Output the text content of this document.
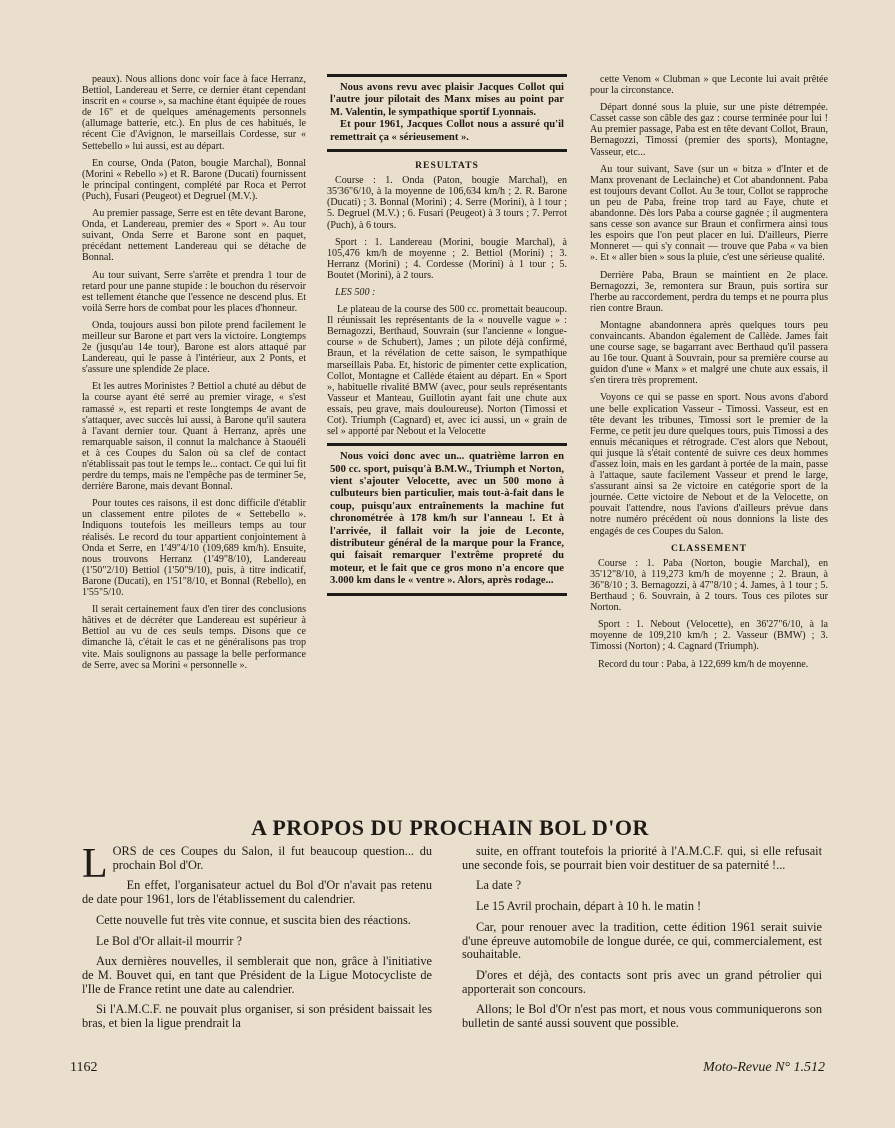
peaux). Nous allions donc voir face à face Herranz, Bettiol, Landereau et Serre, ce dernier étant cependant inscrit en « course », sa machine étant équipée de roues de 16" et de quelques aménagements personnels (allumage batterie, etc.). En plus de ces habitués, le récent Cie d'Avignon, le marseillais Cordesse, sur « Settebello » lui aussi, est au départ.

En course, Onda (Paton, bougie Marchal), Bonnal (Morini « Rebello ») et R. Barone (Ducati) fournissent le principal contingent, complété par Roca et Perrot (Puch), Fusari (Peugeot) et Degruel (M.V.).

Au premier passage, Serre est en tête devant Barone, Onda, et Landereau, premier des « Sport ». Au tour suivant, Onda Serre et Barone sont en paquet, précédant nettement Landereau qui se détache de Bonnal.

Au tour suivant, Serre s'arrête et prendra 1 tour de retard pour une panne stupide : le bouchon du réservoir est tellement étanche que l'essence ne descend plus. Et voilà Serre hors de combat pour les places d'honneur.

Onda, toujours aussi bon pilote prend facilement le meilleur sur Barone et part vers la victoire. Longtemps 2e (jusqu'au 14e tour), Barone est alors attaqué par Landereau, qui le passe à l'intérieur, aux 2 Ponts, et s'assure une splendide 2e place.

Et les autres Morinistes ? Bettiol a chuté au début de la course ayant été serré au premier virage, « s'est ramassé », est reparti et reste longtemps 4e avant de s'attaquer, avec succès lui aussi, à Barone qu'il sautera à l'avant dernier tour. Quant à Herranz, après une remarquable saison, il connut la malchance à Staouéli et à ces Coupes du Salon où sa clef de contact n'établissait pas tout le temps le... contact. Ce qui lui fit perdre du temps, mais ne l'empêche pas de terminer 5e, derrière Barone, mais devant Bonnal.

Pour toutes ces raisons, il est donc difficile d'établir un classement entre pilotes de « Settebello ». Indiquons toutefois les meilleurs temps au tour réalisés. Le record du tour appartient conjointement à Onda et Serre, en 1'49"4/10 (109,689 km/h). Ensuite, nous trouvons Herranz (1'49"8/10), Landereau (1'50"2/10) Bettiol (1'50"9/10), puis, à titre indicatif, Barone (Ducati), en 1'51"8/10, et Bonnal (Rebello), en 1'55"5/10.

Il serait certainement faux d'en tirer des conclusions hâtives et de décréter que Landereau est supérieur à Bettiol au vu de ces seuls temps. Disons que ce dimanche là, c'était le cas et ne généralisons pas trop vite. Mais soulignons au passage la belle performance de Serre, avec sa Morini « personnelle ».

Nous avons revu avec plaisir Jacques Collot qui l'autre jour pilotait des Manx mises au point par M. Valentin, le sympathique sportif Lyonnais.

Et pour 1961, Jacques Collot nous a assuré qu'il remettrait ça « sérieusement ».

RESULTATS

Course : 1. Onda (Paton, bougie Marchal), en 35'36"6/10, à la moyenne de 106,634 km/h ; 2. R. Barone (Ducati) ; 3. Bonnal (Morini) ; 4. Serre (Morini), à 1 tour ; 5. Degruel (M.V.) ; 6. Fusari (Peugeot) à 3 tours ; 7. Perrot (Puch), à 6 tours.

Sport : 1. Landereau (Morini, bougie Marchal), à 105,476 km/h de moyenne ; 2. Bettiol (Morini) ; 3. Herranz (Morini) ; 4. Cordesse (Morini) à 1 tour ; 5. Boutet (Morini), à 2 tours.

LES 500 :

Le plateau de la course des 500 cc. promettait beaucoup. Il réunissait les représentants de la « nouvelle vague » : Bernagozzi, Berthaud, Souvrain (sur l'ancienne « longue-course » de Schubert), James ; un pilote déjà confirmé, Braun, et la révélation de cette saison, le sympathique marseillais Paba. Et, historic de pimenter cette explication, Collot, Montagne et Callède étaient au départ. En « Sport », habituelle rivalité BMW (avec, pour seuls représentants Vasseur et Manteau, Guillotin ayant fait une chute aux essais, peu grave, mais douloureuse). Norton (Timossi et Cot). Triumph (Cagnard) et, avec ici aussi, un « grain de sel » apporté par Nebout et la Velocette

Nous voici donc avec un... quatrième larron en 500 cc. sport, puisqu'à B.M.W., Triumph et Norton, vient s'ajouter Velocette, avec un 500 mono à culbuteurs bien particulier, mais tout-à-fait dans le coup, puisqu'aux entraînements la machine fut chronométrée à 178 km/h sur l'anneau !. Et à l'arrivée, il fallait voir la joie de Leconte, distributeur général de la marque pour la France, qui faisait remarquer l'extrême propreté du moteur, et le fait que ce gros mono n'a encore que 3.000 km dans le « ventre ». Alors, après rodage...

cette Venom « Clubman » que Leconte lui avait prêtée pour la circonstance.

Départ donné sous la pluie, sur une piste détrempée. Casset casse son câble des gaz : course terminée pour lui ! Au premier passage, Paba est en tête devant Collot, Braun, Bernagozzi, Timossi (premier des sports), Montagne, Vasseur, etc...

Au tour suivant, Save (sur un « bitza » d'Inter et de Manx provenant de Leclainche) et Cot abandonnent. Paba est toujours devant Collot. Au 3e tour, Collot se rapproche un peu de Paba, freine trop tard au Faye, chute et abandonne. Dès lors Paba a course gagnée ; il augmentera sans cesse son avance sur Braun et confirmera ainsi tous les espoirs que l'on peut placer en lui. D'ailleurs, Pierre Monneret — qui s'y connait — trouve que Paba « va bien ». Et « aller bien » sous la pluie, c'est une sérieuse qualité.

Derrière Paba, Braun se maintient en 2e place. Bernagozzi, 3e, remontera sur Braun, puis sortira sur l'herbe au raccordement, perdra du temps et ne pourra plus rien contre Braun.

Montagne abandonnera après quelques tours peu convaincants. Abandon également de Callède. James fait une course sage, se bagarrant avec Berthaud qu'il passera au 16e tour. Quant à Souvrain, pour sa première course au guidon d'une « Manx » et malgré une chute aux essais, il s'en tirera très proprement.

Voyons ce qui se passe en sport. Nous avons d'abord une belle explication Vasseur - Timossi. Vasseur, est en tête devant les tribunes, Timossi sort le premier de la Ferme, ce petit jeu dure quelques tours, puis Timossi a des ennuis mécaniques et rétrograde. C'est alors que Nebout, qui jusque là s'était contenté de suivre ces deux hommes d'assez loin, mais en les gardant à portée de la main, passe à l'attaque, saute facilement Vasseur et prend le large, s'assurant ainsi sa 2e victoire en catégorie sport de la journée. Cette victoire de Nebout et de la Velocette, on pouvait l'attendre, nous l'avions d'ailleurs prévue dans notre numéro précédent où nous donnions la liste des engagés de ces Coupes du Salon.

CLASSEMENT

Course : 1. Paba (Norton, bougie Marchal), en 35'12"8/10, à 119,273 km/h de moyenne ; 2. Braun, à 36"8/10 ; 3. Bernagozzi, à 47"8/10 ; 4. James, à 1 tour ; 5. Berthaud ; 6. Souvrain, à 2 tours. Tous ces pilotes sur Norton.

Sport : 1. Nebout (Velocette), en 36'27"6/10, à la moyenne de 109,210 km/h ; 2. Vasseur (BMW) ; 3. Timossi (Norton) ; 4. Cagnard (Triumph).

Record du tour : Paba, à 122,699 km/h de moyenne.

A PROPOS DU PROCHAIN BOL D'OR

LORS de ces Coupes du Salon, il fut beaucoup question... du prochain Bol d'Or.

En effet, l'organisateur actuel du Bol d'Or n'avait pas retenu de date pour 1961, lors de l'établissement du calendrier.

Cette nouvelle fut très vite connue, et suscita bien des réactions.

Le Bol d'Or allait-il mourrir ?

Aux dernières nouvelles, il semblerait que non, grâce à l'initiative de M. Bouvet qui, en tant que Président de la Ligue Motocycliste de l'Ile de France retint une date au calendrier.

Si l'A.M.C.F. ne pouvait plus organiser, si son président baissait les bras, et bien la ligue prendrait la

suite, en offrant toutefois la priorité à l'A.M.C.F. qui, si elle refusait une seconde fois, se pourrait bien voir destituer de sa paternité !...

La date ?

Le 15 Avril prochain, départ à 10 h. le matin !

Car, pour renouer avec la tradition, cette édition 1961 serait suivie d'une épreuve automobile de longue durée, ce qui, commercialement, est souhaitable.

D'ores et déjà, des contacts sont pris avec un grand pétrolier qui apporterait son concours.

Allons; le Bol d'Or n'est pas mort, et nous vous communiquerons son bulletin de santé aussi souvent que possible.

1162	Moto-Revue N° 1.512
